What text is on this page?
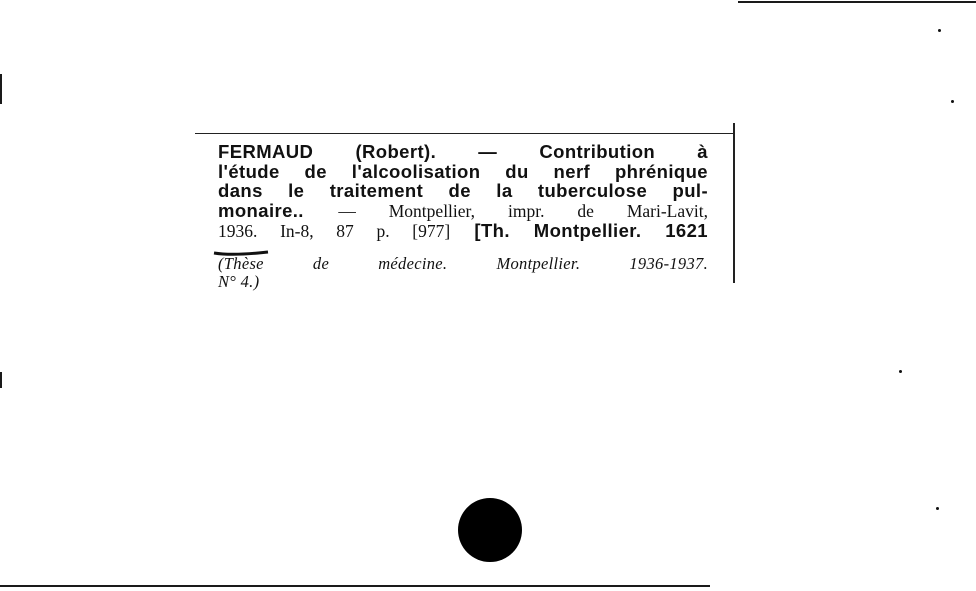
FERMAUD (Robert). — Contribution à
l'étude de l'alcoolisation du nerf phrénique
dans le traitement de la tuberculose pul-
monaire.. — Montpellier, impr. de Mari-Lavit,
1936. In-8, 87 p. [977] [Th. Montpellier. 1621
(Thèse de médecine. Montpellier. 1936-1937.
N° 4.)
